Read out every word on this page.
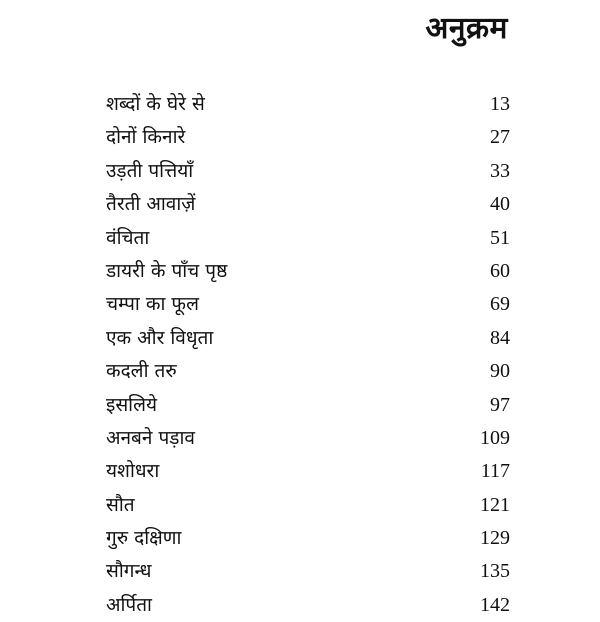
अनुक्रम
शब्दों के घेरे से	13
दोनों किनारे	27
उड़ती पत्तियाँ	33
तैरती आवाज़ें	40
वंचिता	51
डायरी के पाँच पृष्ठ	60
चम्पा का फूल	69
एक और विधृता	84
कदली तरु	90
इसलिये	97
अनबने पड़ाव	109
यशोधरा	117
सौत	121
गुरु दक्षिणा	129
सौगन्ध	135
अर्पिता	142
